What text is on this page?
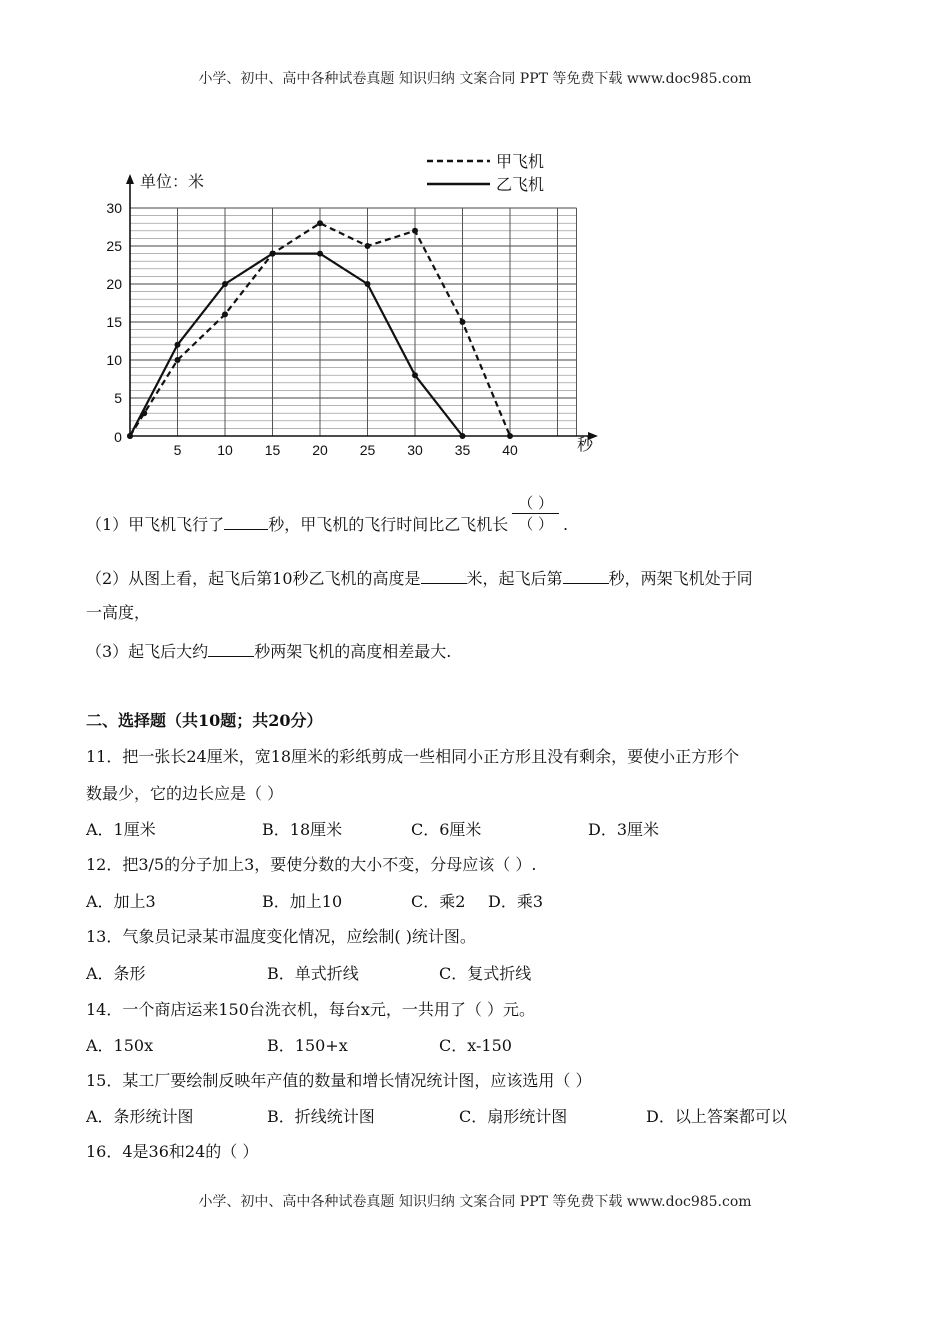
小学、初中、高中各种试卷真题 知识归纳 文案合同 PPT 等免费下载 www.doc985.com
5
10
15
20
25
30
0
5	10 15 20 25 30 35 40
单位：米
秒
甲飞机
乙飞机
（1）甲飞机飞行了	秒，甲飞机的飞行时间比乙飞机长 $\frac{( )}{( )}$ .
（2）从图上看，起飞后第10秒乙飞机的高度是	米，起飞后第	秒，两架飞机处于同
一高度，
（3）起飞后大约	秒两架飞机的高度相差最大.
二、选择题（共10题；共20分）
11．把一张长24厘米，宽18厘米的彩纸剪成一些相同小正方形且没有剩余，要使小正方形个
数最少，它的边长应是（ ）
A．1厘米	B．18厘米	C．6厘米	D．3厘米
12．把3/5的分子加上3，要使分数的大小不变，分母应该（ ）.
A．加上3	B．加上10	C．乘2 D．乘3
13．气象员记录某市温度变化情况，应绘制( )统计图。
A．条形	B．单式折线	C．复式折线
14．一个商店运来150台洗衣机，每台x元，一共用了（ ）元。
A．150x	B．150+x	C．x-150
15．某工厂要绘制反映年产值的数量和增长情况统计图，应该选用（ ）
A．条形统计图	B．折线统计图	C．扇形统计图	D．以上答案都可以
16．4是36和24的（ ）
小学、初中、高中各种试卷真题 知识归纳 文案合同 PPT 等免费下载 www.doc985.com
